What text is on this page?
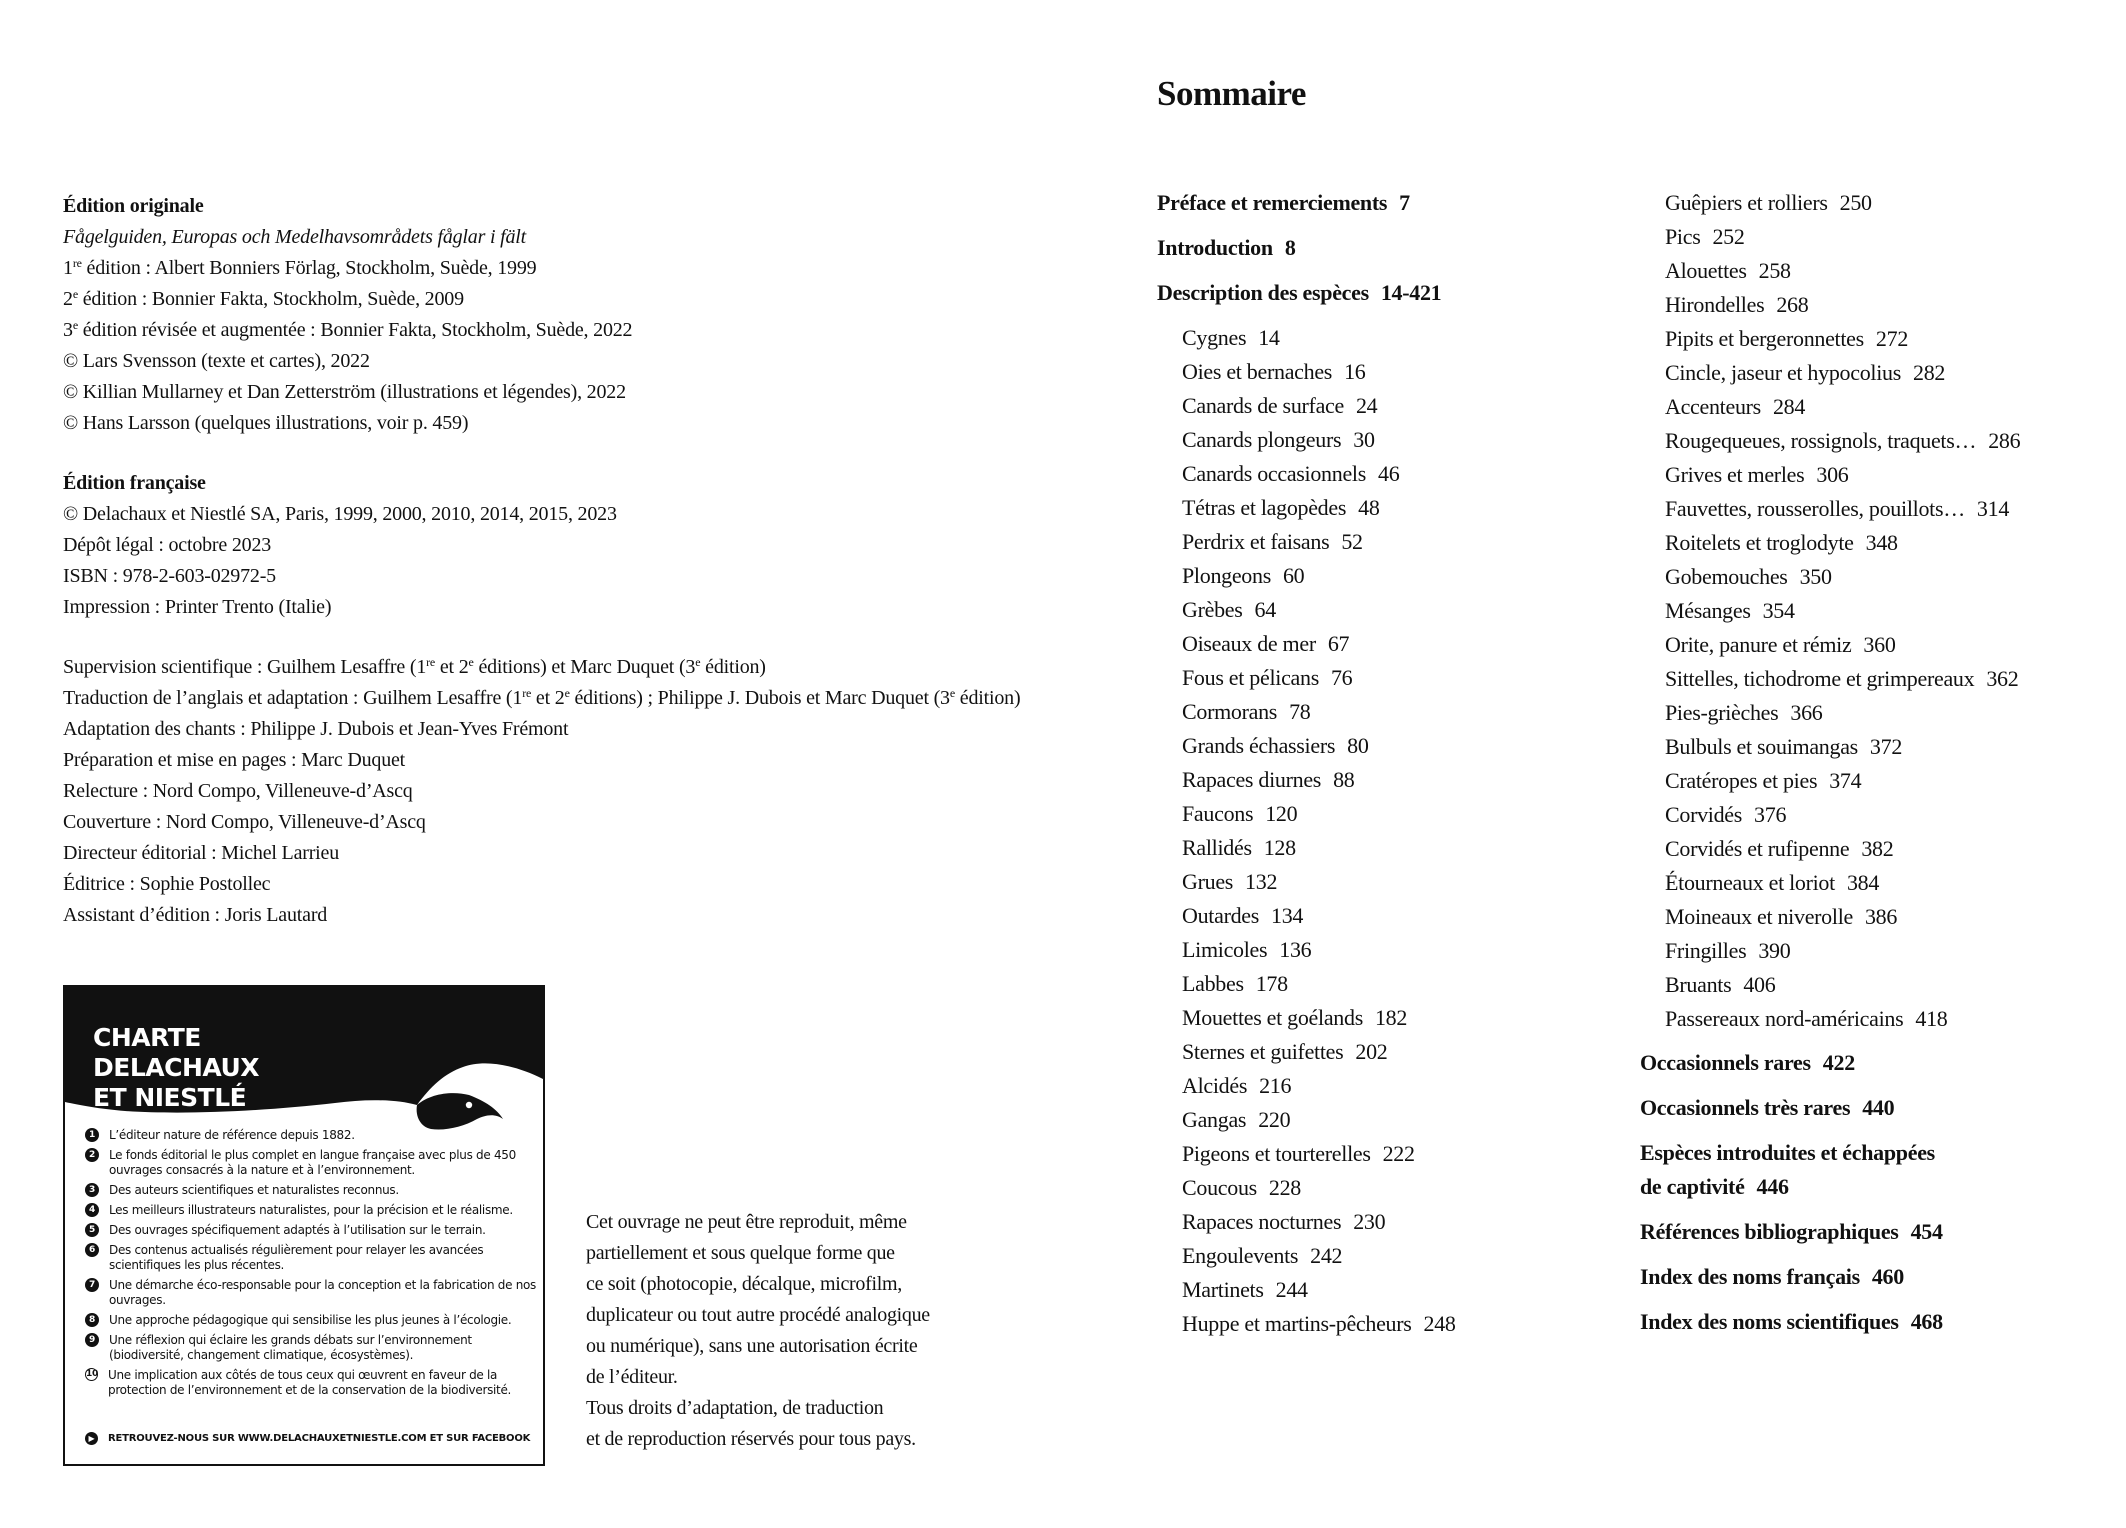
Édition originale
Fågelguiden, Europas och Medelhavsområdets fåglar i fält
1re édition : Albert Bonniers Förlag, Stockholm, Suède, 1999
2e édition : Bonnier Fakta, Stockholm, Suède, 2009
3e édition révisée et augmentée : Bonnier Fakta, Stockholm, Suède, 2022
© Lars Svensson (texte et cartes), 2022
© Killian Mullarney et Dan Zetterström (illustrations et légendes), 2022
© Hans Larsson (quelques illustrations, voir p. 459)
Édition française
© Delachaux et Niestlé SA, Paris, 1999, 2000, 2010, 2014, 2015, 2023
Dépôt légal : octobre 2023
ISBN : 978-2-603-02972-5
Impression : Printer Trento (Italie)
Supervision scientifique : Guilhem Lesaffre (1re et 2e éditions) et Marc Duquet (3e édition)
Traduction de l’anglais et adaptation : Guilhem Lesaffre (1re et 2e éditions) ; Philippe J. Dubois et Marc Duquet (3e édition)
Adaptation des chants : Philippe J. Dubois et Jean-Yves Frémont
Préparation et mise en pages : Marc Duquet
Relecture : Nord Compo, Villeneuve-d’Ascq
Couverture : Nord Compo, Villeneuve-d’Ascq
Directeur éditorial : Michel Larrieu
Éditrice : Sophie Postollec
Assistant d’édition : Joris Lautard
CHARTE
DELACHAUX
ET NIESTLÉ
1	L’éditeur nature de référence depuis 1882.
2	Le fonds éditorial le plus complet en langue française avec plus de 450 ouvrages consacrés à la nature et à l’environnement.
3	Des auteurs scientifiques et naturalistes reconnus.
4	Les meilleurs illustrateurs naturalistes, pour la précision et le réalisme.
5	Des ouvrages spécifiquement adaptés à l’utilisation sur le terrain.
6	Des contenus actualisés régulièrement pour relayer les avancées scientifiques les plus récentes.
7	Une démarche éco-responsable pour la conception et la fabrication de nos ouvrages.
8	Une approche pédagogique qui sensibilise les plus jeunes à l’écologie.
9	Une réflexion qui éclaire les grands débats sur l’environnement (biodiversité, changement climatique, écosystèmes).
10 Une implication aux côtés de tous ceux qui œuvrent en faveur de la protection de l’environnement et de la conservation de la biodiversité.
▶	RETROUVEZ-NOUS SUR WWW.DELACHAUXETNIESTLE.COM ET SUR FACEBOOK
Cet ouvrage ne peut être reproduit, même
partiellement et sous quelque forme que
ce soit (photocopie, décalque, microfilm,
duplicateur ou tout autre procédé analogique
ou numérique), sans une autorisation écrite
de l’éditeur.
Tous droits d’adaptation, de traduction
et de reproduction réservés pour tous pays.
Sommaire
Préface et remerciements 7
Introduction 8
Description des espèces 14-421
Cygnes 14
Oies et bernaches 16
Canards de surface 24
Canards plongeurs 30
Canards occasionnels 46
Tétras et lagopèdes 48
Perdrix et faisans 52
Plongeons 60
Grèbes 64
Oiseaux de mer 67
Fous et pélicans 76
Cormorans 78
Grands échassiers 80
Rapaces diurnes 88
Faucons 120
Rallidés 128
Grues 132
Outardes 134
Limicoles 136
Labbes 178
Mouettes et goélands 182
Sternes et guifettes 202
Alcidés 216
Gangas 220
Pigeons et tourterelles 222
Coucous 228
Rapaces nocturnes 230
Engoulevents 242
Martinets 244
Huppe et martins-pêcheurs 248
Guêpiers et rolliers 250
Pics 252
Alouettes 258
Hirondelles 268
Pipits et bergeronnettes 272
Cincle, jaseur et hypocolius 282
Accenteurs 284
Rougequeues, rossignols, traquets… 286
Grives et merles 306
Fauvettes, rousserolles, pouillots… 314
Roitelets et troglodyte 348
Gobemouches 350
Mésanges 354
Orite, panure et rémiz 360
Sittelles, tichodrome et grimpereaux 362
Pies-grièches 366
Bulbuls et souimangas 372
Cratéropes et pies 374
Corvidés 376
Corvidés et rufipenne 382
Étourneaux et loriot 384
Moineaux et niverolle 386
Fringilles 390
Bruants 406
Passereaux nord-américains 418
Occasionnels rares 422
Occasionnels très rares 440
Espèces introduites et échappées
de captivité 446
Références bibliographiques 454
Index des noms français 460
Index des noms scientifiques 468
